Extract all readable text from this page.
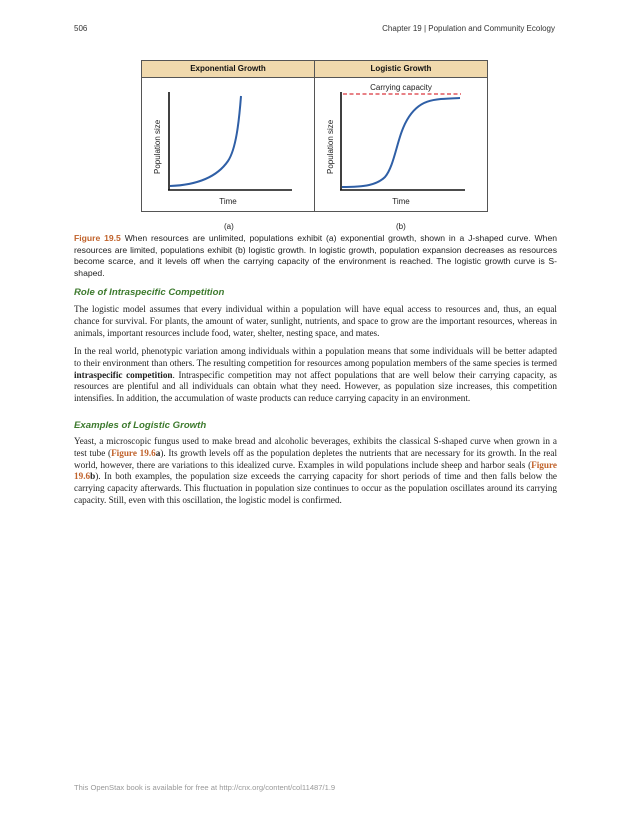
506	Chapter 19 | Population and Community Ecology
Exponential Growth
Population size
Time
Logistic Growth
Carrying capacity
Population size
Time
(a)	(b)
Figure 19.5 When resources are unlimited, populations exhibit (a) exponential growth, shown in a J-shaped curve. When resources are limited, populations exhibit (b) logistic growth. In logistic growth, population expansion decreases as resources become scarce, and it levels off when the carrying capacity of the environment is reached. The logistic growth curve is S-shaped.
Role of Intraspecific Competition

The logistic model assumes that every individual within a population will have equal access to resources and, thus, an equal chance for survival. For plants, the amount of water, sunlight, nutrients, and space to grow are the important resources, whereas in animals, important resources include food, water, shelter, nesting space, and mates.

In the real world, phenotypic variation among individuals within a population means that some individuals will be better adapted to their environment than others. The resulting competition for resources among population members of the same species is termed intraspecific competition. Intraspecific competition may not affect populations that are well below their carrying capacity, as resources are plentiful and all individuals can obtain what they need. However, as population size increases, this competition intensifies. In addition, the accumulation of waste products can reduce carrying capacity in an environment.

Examples of Logistic Growth

Yeast, a microscopic fungus used to make bread and alcoholic beverages, exhibits the classical S-shaped curve when grown in a test tube (Figure 19.6a). Its growth levels off as the population depletes the nutrients that are necessary for its growth. In the real world, however, there are variations to this idealized curve. Examples in wild populations include sheep and harbor seals (Figure 19.6b). In both examples, the population size exceeds the carrying capacity for short periods of time and then falls below the carrying capacity afterwards. This fluctuation in population size continues to occur as the population oscillates around its carrying capacity. Still, even with this oscillation, the logistic model is confirmed.

This OpenStax book is available for free at http://cnx.org/content/col11487/1.9
